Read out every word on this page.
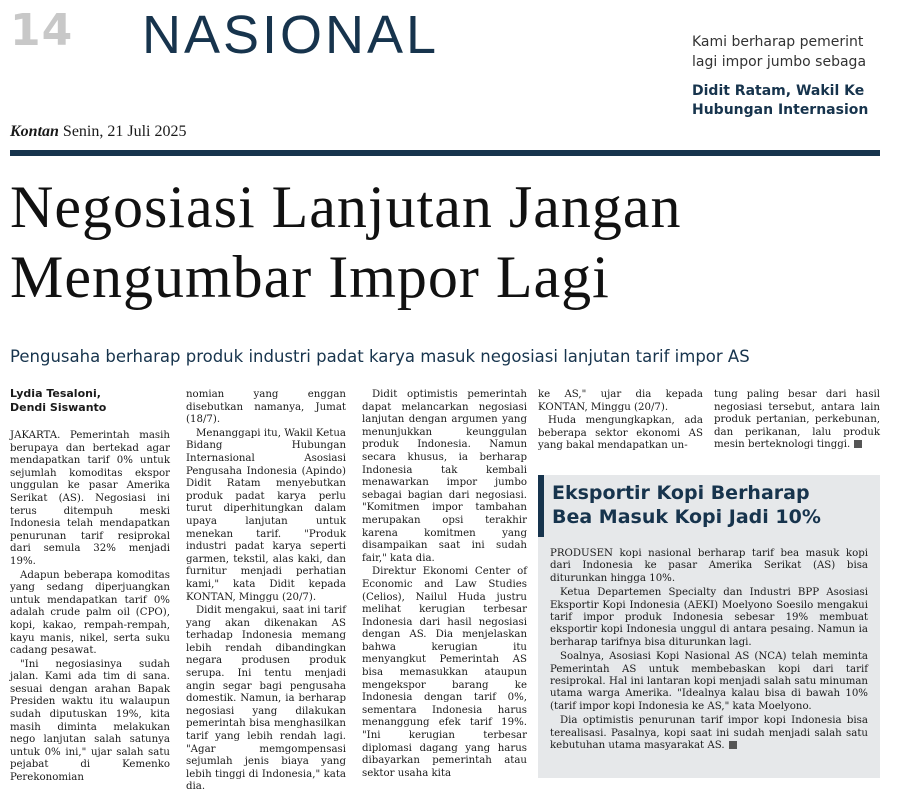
14 NASIONAL	Kami berharap pemerint
lagi impor jumbo sebaga
Didit Ratam, Wakil Ke
Hubungan Internasion
Kontan Senin, 21 Juli 2025
Negosiasi Lanjutan Jangan
Mengumbar Impor Lagi
Pengusaha berharap produk industri padat karya masuk negosiasi lanjutan tarif impor AS
Lydia Tesaloni,
Dendi Siswanto

JAKARTA. Pemerintah masih berupaya dan bertekad agar mendapatkan tarif 0% untuk sejumlah komoditas ekspor unggulan ke pasar Amerika Serikat (AS). Negosiasi ini terus ditempuh meski Indonesia telah mendapatkan penurunan tarif resiprokal dari semula 32% menjadi 19%.

Adapun beberapa komoditas yang sedang diperjuangkan untuk mendapatkan tarif 0% adalah crude palm oil (CPO), kopi, kakao, rempah-rempah, kayu manis, nikel, serta suku cadang pesawat.

"Ini negosiasinya sudah jalan. Kami ada tim di sana. sesuai dengan arahan Bapak Presiden waktu itu walaupun sudah diputuskan 19%, kita masih diminta melakukan nego lanjutan salah satunya untuk 0% ini," ujar salah satu pejabat di Kemenko Perekonomian

nomian yang enggan disebutkan namanya, Jumat (18/7).

Menanggapi itu, Wakil Ketua Bidang Hubungan Internasional Asosiasi Pengusaha Indonesia (Apindo) Didit Ratam menyebutkan produk padat karya perlu turut diperhitungkan dalam upaya lanjutan untuk menekan tarif. "Produk industri padat karya seperti garmen, tekstil, alas kaki, dan furnitur menjadi perhatian kami," kata Didit kepada KONTAN, Minggu (20/7).

Didit mengakui, saat ini tarif yang akan dikenakan AS terhadap Indonesia memang lebih rendah dibandingkan negara produsen produk serupa. Ini tentu menjadi angin segar bagi pengusaha domestik. Namun, ia berharap negosiasi yang dilakukan pemerintah bisa menghasilkan tarif yang lebih rendah lagi. "Agar memgompensasi sejumlah jenis biaya yang lebih tinggi di Indonesia," kata dia.

Didit optimistis pemerintah dapat melancarkan negosiasi lanjutan dengan argumen yang menunjukkan keunggulan produk Indonesia. Namun secara khusus, ia berharap Indonesia tak kembali menawarkan impor jumbo sebagai bagian dari negosiasi. "Komitmen impor tambahan merupakan opsi terakhir karena komitmen yang disampaikan saat ini sudah fair," kata dia.

Direktur Ekonomi Center of Economic and Law Studies (Celios), Nailul Huda justru melihat kerugian terbesar Indonesia dari hasil negosiasi dengan AS. Dia menjelaskan bahwa kerugian itu menyangkut Pemerintah AS bisa memasukkan ataupun mengekspor barang ke Indonesia dengan tarif 0%, sementara Indonesia harus menanggung efek tarif 19%. "Ini kerugian terbesar diplomasi dagang yang harus dibayarkan pemerintah atau sektor usaha kita

ke AS," ujar dia kepada KONTAN, Minggu (20/7).

Huda mengungkapkan, ada beberapa sektor ekonomi AS yang bakal mendapatkan un-

tung paling besar dari hasil negosiasi tersebut, antara lain produk pertanian, perkebunan, dan perikanan, lalu produk mesin berteknologi tinggi.

Eksportir Kopi Berharap
Bea Masuk Kopi Jadi 10%

PRODUSEN kopi nasional berharap tarif bea masuk kopi dari Indonesia ke pasar Amerika Serikat (AS) bisa diturunkan hingga 10%.

Ketua Departemen Specialty dan Industri BPP Asosiasi Eksportir Kopi Indonesia (AEKI) Moelyono Soesilo mengakui tarif impor produk Indonesia sebesar 19% membuat eksportir kopi Indonesia unggul di antara pesaing. Namun ia berharap tarifnya bisa diturunkan lagi.

Soalnya, Asosiasi Kopi Nasional AS (NCA) telah meminta Pemerintah AS untuk membebaskan kopi dari tarif resiprokal. Hal ini lantaran kopi menjadi salah satu minuman utama warga Amerika. "Idealnya kalau bisa di bawah 10% (tarif impor kopi Indonesia ke AS," kata Moelyono.

Dia optimistis penurunan tarif impor kopi Indonesia bisa terealisasi. Pasalnya, kopi saat ini sudah menjadi salah satu kebutuhan utama masyarakat AS.
